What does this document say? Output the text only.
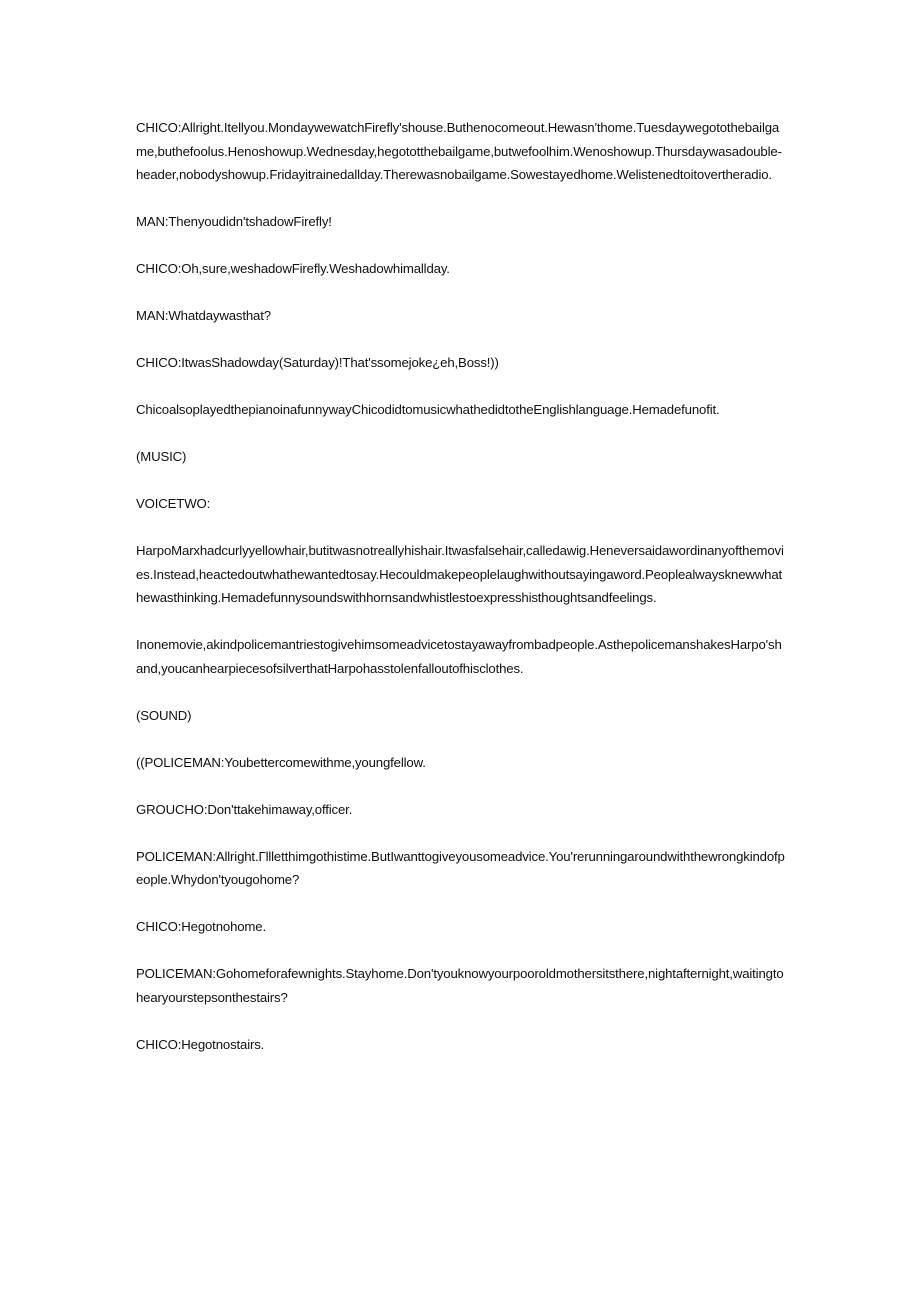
CHICO:Allright.Itellyou.MondaywewatchFirefly'shouse.Buthenocomeout.Hewasn'thome.Tuesdaywegotothebailgame,buthefoolus.Henoshowup.Wednesday,hegototthebailgame,butwefoolhim.Wenoshowup.Thursdaywasadouble-header,nobodyshowup.Fridayitrainedallday.Therewasnobailgame.Sowestayedhome.Welistenedtoitovertheradio.

MAN:Thenyoudidn'tshadowFirefly!

CHICO:Oh,sure,weshadowFirefly.Weshadowhimallday.

MAN:Whatdaywasthat?

CHICO:ItwasShadowday(Saturday)!That'ssomejoke¿eh,Boss!))

ChicoalsoplayedthepianoinafunnywayChicodidtomusicwhathedidtotheEnglishlanguage.Hemadefunofit.

(MUSIC)

VOICETWO:

HarpoMarxhadcurlyyellowhair,butitwasnotreallyhishair.Itwasfalsehair,calledawig.Heneversaidawordinanyofthemovies.Instead,heactedoutwhathewantedtosay.Hecouldmakepeoplelaughwithoutsayingaword.Peoplealwaysknewwhathewasthinking.Hemadefunnysoundswithhornsandwhistlestoexpresshisthoughtsandfeelings.

Inonemovie,akindpolicemantriestogivehimsomeadvicetostayawayfrombadpeople.AsthepolicemanshakesHarpo'shand,youcanhearpiecesofsilverthatHarpohasstolenfalloutofhisclothes.

(SOUND)

((POLICEMAN:Youbettercomewithme,youngfellow.

GROUCHO:Don'ttakehimaway,officer.

POLICEMAN:Allright.Γllletthimgothistime.ButIwanttogiveyousomeadvice.You'rerunningaroundwiththewrongkindofpeople.Whydon'tyougohome?

CHICO:Hegotnohome.

POLICEMAN:Gohomeforafewnights.Stayhome.Don'tyouknowyourpooroldmothersitsthere,nightafternight,waitingtohearyourstepsonthestairs?

CHICO:Hegotnostairs.
